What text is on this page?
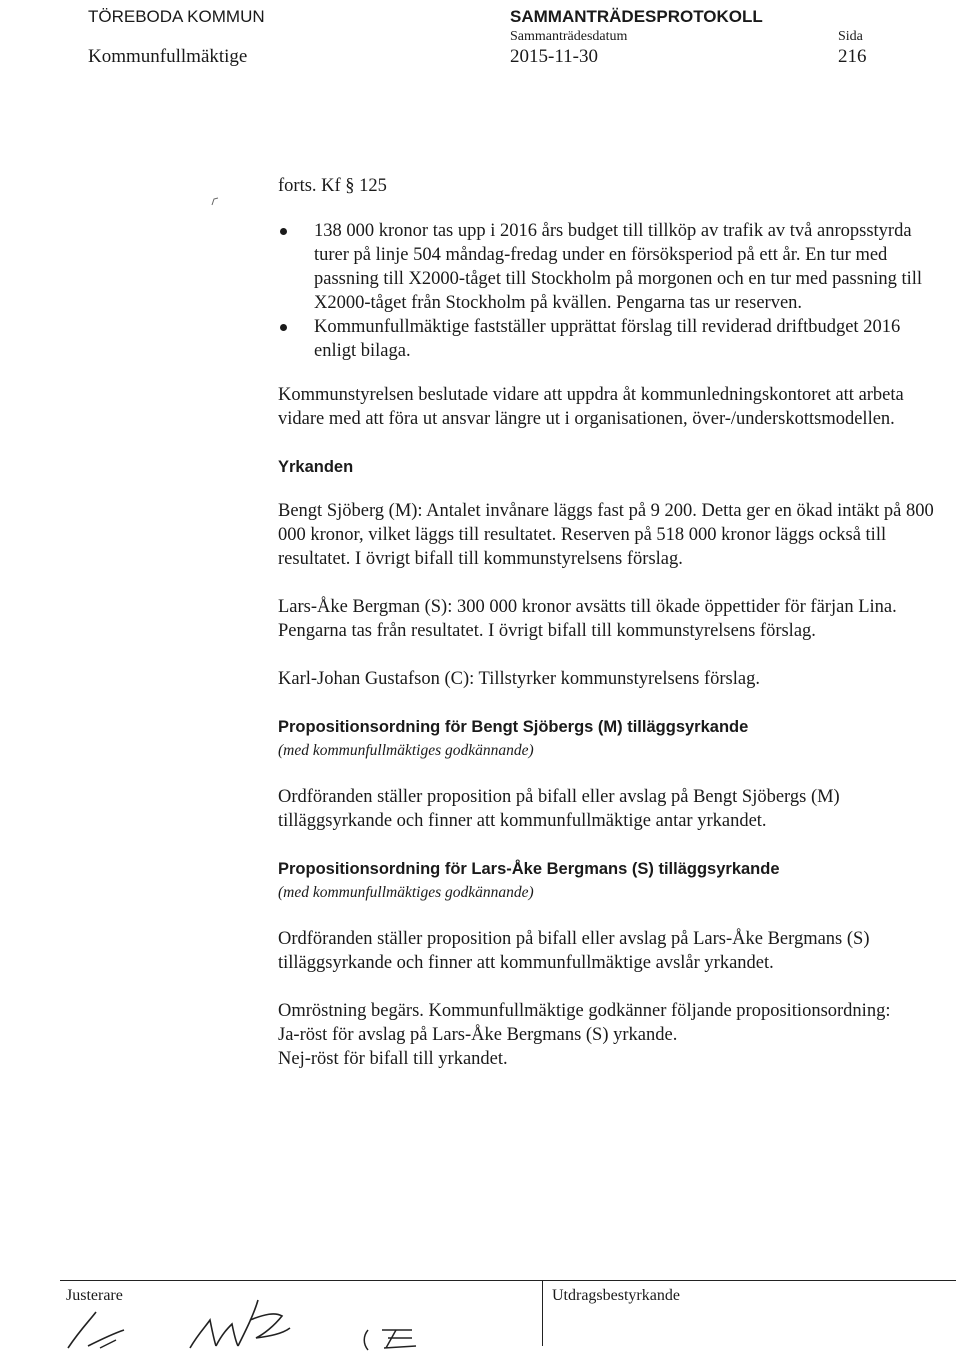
TÖREBODA KOMMUN
Kommunfullmäktige
SAMMANTRÄDESPROTOKOLL
Sammanträdesdatum
2015-11-30
Sida
216

forts. Kf § 125

138 000 kronor tas upp i 2016 års budget till tillköp av trafik av två anropsstyrda turer på linje 504 måndag-fredag under en försöksperiod på ett år. En tur med passning till X2000-tåget till Stockholm på morgonen och en tur med passning till X2000-tåget från Stockholm på kvällen. Pengarna tas ur reserven.
Kommunfullmäktige fastställer upprättat förslag till reviderad driftbudget 2016 enligt bilaga.

Kommunstyrelsen beslutade vidare att uppdra åt kommunledningskontoret att arbeta vidare med att föra ut ansvar längre ut i organisationen, över-/underskottsmodellen.

Yrkanden

Bengt Sjöberg (M): Antalet invånare läggs fast på 9 200. Detta ger en ökad intäkt på 800 000 kronor, vilket läggs till resultatet. Reserven på 518 000 kronor läggs också till resultatet. I övrigt bifall till kommunstyrelsens förslag.

Lars-Åke Bergman (S): 300 000 kronor avsätts till ökade öppettider för färjan Lina. Pengarna tas från resultatet. I övrigt bifall till kommunstyrelsens förslag.

Karl-Johan Gustafson (C): Tillstyrker kommunstyrelsens förslag.

Propositionsordning för Bengt Sjöbergs (M) tilläggsyrkande

(med kommunfullmäktiges godkännande)

Ordföranden ställer proposition på bifall eller avslag på Bengt Sjöbergs (M) tilläggsyrkande och finner att kommunfullmäktige antar yrkandet.

Propositionsordning för Lars-Åke Bergmans (S) tilläggsyrkande

(med kommunfullmäktiges godkännande)

Ordföranden ställer proposition på bifall eller avslag på Lars-Åke Bergmans (S) tilläggsyrkande och finner att kommunfullmäktige avslår yrkandet.

Omröstning begärs. Kommunfullmäktige godkänner följande propositionsordning:

Ja-röst för avslag på Lars-Åke Bergmans (S) yrkande.

Nej-röst för bifall till yrkandet.

Justerare	Utdragsbestyrkande
